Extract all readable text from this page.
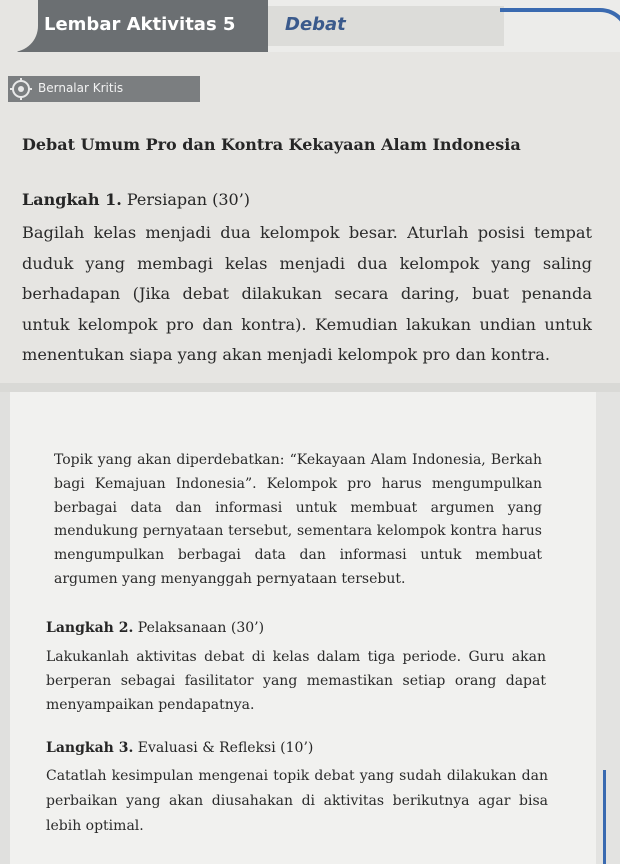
Lembar Aktivitas 5	Debat
Bernalar Kritis
Debat Umum Pro dan Kontra Kekayaan Alam Indonesia
Langkah 1. Persiapan (30’)
Bagilah kelas menjadi dua kelompok besar. Aturlah posisi tempat duduk yang membagi kelas menjadi dua kelompok yang saling berhadapan (Jika debat dilakukan secara daring, buat penanda untuk kelompok pro dan kontra). Kemudian lakukan undian untuk menentukan siapa yang akan menjadi kelompok pro dan kontra.
Topik yang akan diperdebatkan: “Kekayaan Alam Indonesia, Berkah bagi Kemajuan Indonesia”. Kelompok pro harus mengumpulkan berbagai data dan informasi untuk membuat argumen yang mendukung pernyataan tersebut, sementara kelompok kontra harus mengumpulkan berbagai data dan informasi untuk membuat argumen yang menyanggah pernyataan tersebut.
Langkah 2. Pelaksanaan (30’)
Lakukanlah aktivitas debat di kelas dalam tiga periode. Guru akan berperan sebagai fasilitator yang memastikan setiap orang dapat menyampaikan pendapatnya.
Langkah 3. Evaluasi & Refleksi (10’)
Catatlah kesimpulan mengenai topik debat yang sudah dilakukan dan perbaikan yang akan diusahakan di aktivitas berikutnya agar bisa lebih optimal.
